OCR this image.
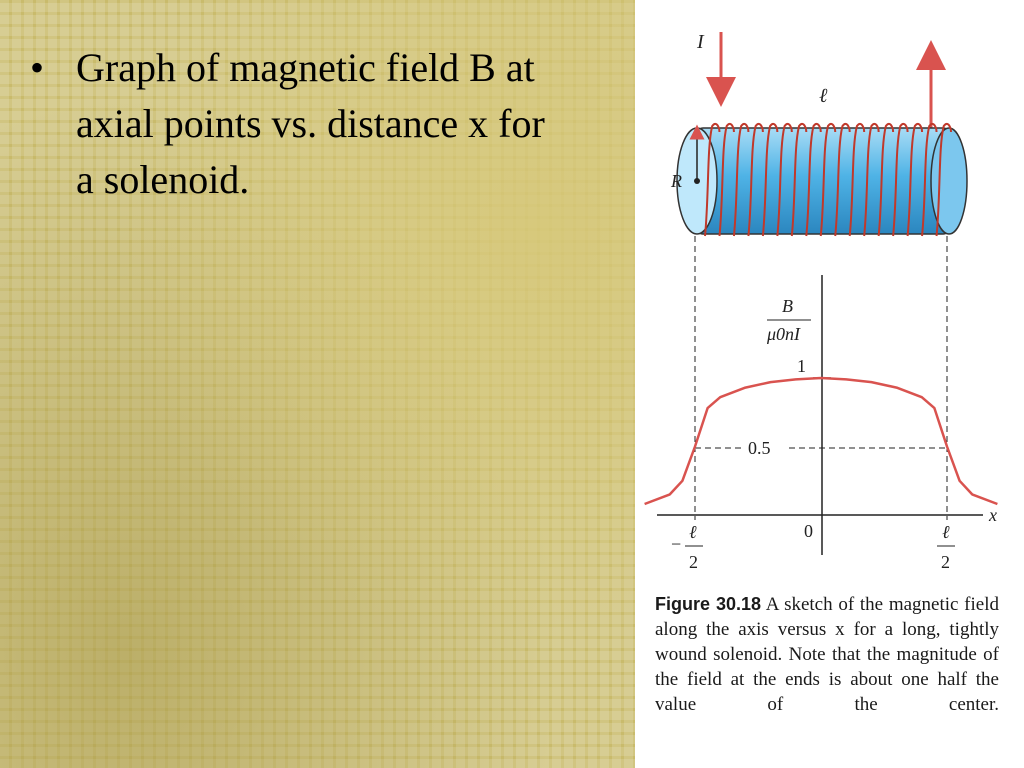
• Graph of magnetic field B at axial points vs. distance x for a solenoid.
I
ℓ
R
x
B
μ0nI
1
0.5
−
ℓ
2
0	ℓ
2
Figure 30.18 A sketch of the magnetic field along the axis versus x for a long, tightly wound solenoid. Note that the magnitude of the field at the ends is about one half the value of the center.
